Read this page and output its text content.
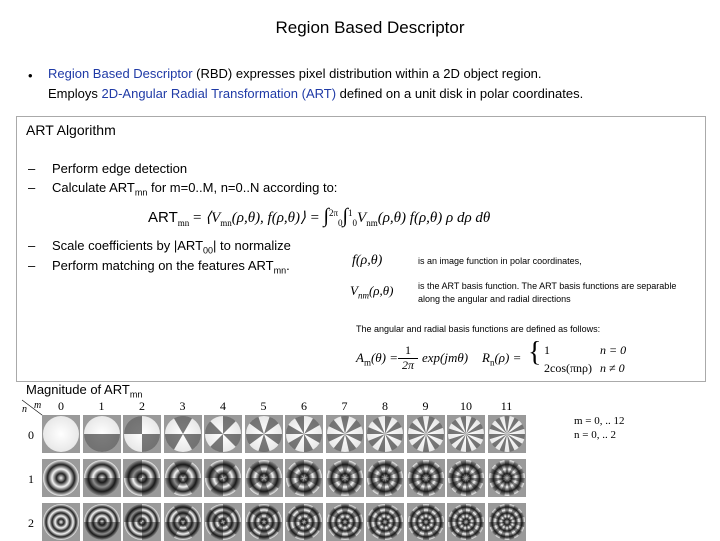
Region Based Descriptor
• Region Based Descriptor (RBD) expresses pixel distribution within a 2D object region.
Employs 2D-Angular Radial Transformation (ART) defined on a unit disk in polar coordinates.
ART Algorithm
– Perform edge detection
– Calculate $ART_{mn}$ for m=0..M, n=0..N according to:
$ART_{mn}$ = $⟨V_{mn}(\rho,\theta)$, f(ρ,θ)⟩ = $\int^{2\pi}_0\int^1_0V_{nm}(\rho,\theta)$ f(ρ,θ) ρ dρ dθ
– Scale coefficients by $|ART_{00}|$ to normalize
– Perform matching on the features $ART_{mn}$.	f(ρ,θ)	is an image function in polar coordinates,
$V_{nm}(\rho,\theta)$	is the ART basis function. The ART basis functions are separable
along the angular and radial directions
The angular and radial basis functions are defined as follows:
$A_m(\theta) = 1$
2π exp(jmθ) $R_n(\rho)$ = { 1
2cos(πnρ)
n = 0
n ≠ 0
Magnitude of $ART_{mn}$
n m	0	1	2	3	4	5	6	7	8	9	10	11
0
1
2
m = 0, .. 12
n = 0, .. 2
